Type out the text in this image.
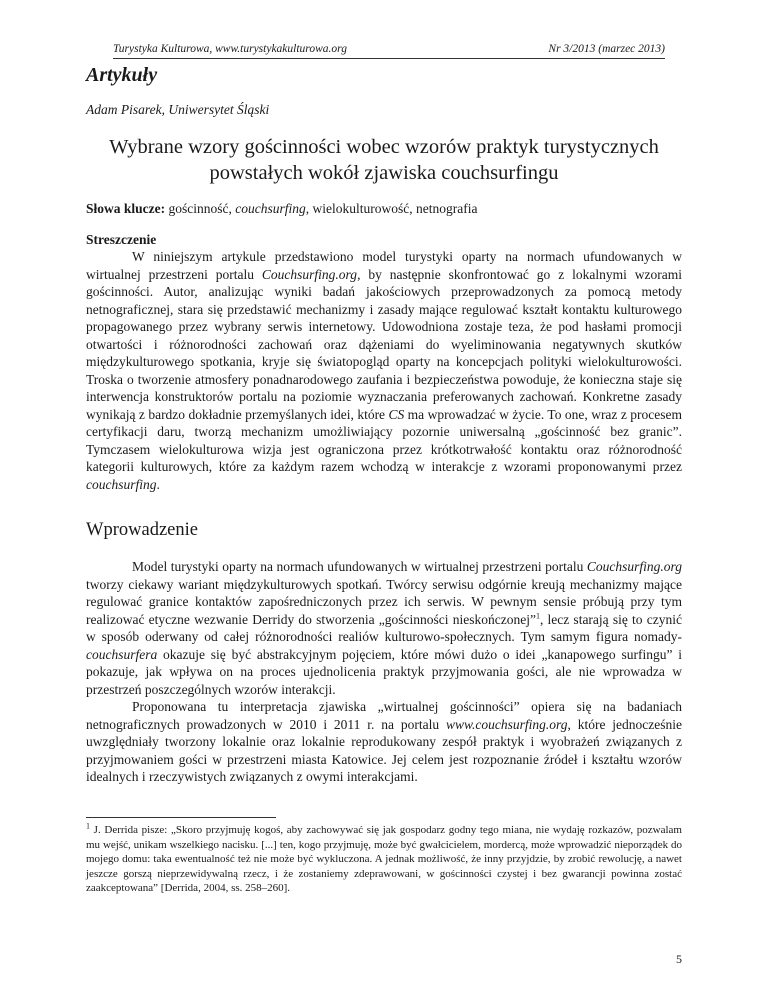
Turystyka Kulturowa, www.turystykakulturowa.org	Nr 3/2013 (marzec 2013)
Artykuły
Adam Pisarek, Uniwersytet Śląski
Wybrane wzory gościnności wobec wzorów praktyk turystycznych powstałych wokół zjawiska couchsurfingu
Słowa klucze: gościnność, couchsurfing, wielokulturowość, netnografia
Streszczenie

W niniejszym artykule przedstawiono model turystyki oparty na normach ufundowanych w wirtualnej przestrzeni portalu Couchsurfing.org, by następnie skonfrontować go z lokalnymi wzorami gościnności. Autor, analizując wyniki badań jakościowych przeprowadzonych za pomocą metody netnograficznej, stara się przedstawić mechanizmy i zasady mające regulować kształt kontaktu kulturowego propagowanego przez wybrany serwis internetowy. Udowodniona zostaje teza, że pod hasłami promocji otwartości i różnorodności zachowań oraz dążeniami do wyeliminowania negatywnych skutków międzykulturowego spotkania, kryje się światopogląd oparty na koncepcjach polityki wielokulturowości. Troska o tworzenie atmosfery ponadnarodowego zaufania i bezpieczeństwa powoduje, że konieczna staje się interwencja konstruktorów portalu na poziomie wyznaczania preferowanych zachowań. Konkretne zasady wynikają z bardzo dokładnie przemyślanych idei, które CS ma wprowadzać w życie. To one, wraz z procesem certyfikacji daru, tworzą mechanizm umożliwiający pozornie uniwersalną „gościnność bez granic”. Tymczasem wielokulturowa wizja jest ograniczona przez krótkotrwałość kontaktu oraz różnorodność kategorii kulturowych, które za każdym razem wchodzą w interakcje z wzorami proponowanymi przez couchsurfing.

Wprowadzenie

Model turystyki oparty na normach ufundowanych w wirtualnej przestrzeni portalu Couchsurfing.org tworzy ciekawy wariant międzykulturowych spotkań. Twórcy serwisu odgórnie kreują mechanizmy mające regulować granice kontaktów zapośredniczonych przez ich serwis. W pewnym sensie próbują przy tym realizować etyczne wezwanie Derridy do stworzenia „gościnności nieskończonej”$^1$, lecz starają się to czynić w sposób oderwany od całej różnorodności realiów kulturowo-społecznych. Tym samym figura nomady-couchsurfera okazuje się być abstrakcyjnym pojęciem, które mówi dużo o idei „kanapowego surfingu” i pokazuje, jak wpływa on na proces ujednolicenia praktyk przyjmowania gości, ale nie wprowadza w przestrzeń poszczególnych wzorów interakcji.

Proponowana tu interpretacja zjawiska „wirtualnej gościnności” opiera się na badaniach netnograficznych prowadzonych w 2010 i 2011 r. na portalu www.couchsurfing.org, które jednocześnie uwzględniały tworzony lokalnie oraz lokalnie reprodukowany zespół praktyk i wyobrażeń związanych z przyjmowaniem gości w przestrzeni miasta Katowice. Jej celem jest rozpoznanie źródeł i kształtu wzorów idealnych i rzeczywistych związanych z owymi interakcjami.

$^1$ J. Derrida pisze: „Skoro przyjmuję kogoś, aby zachowywać się jak gospodarz godny tego miana, nie wydaję rozkazów, pozwalam mu wejść, unikam wszelkiego nacisku. [...] ten, kogo przyjmuję, może być gwałcicielem, mordercą, może wprowadzić nieporządek do mojego domu: taka ewentualność też nie może być wykluczona. A jednak możliwość, że inny przyjdzie, by zrobić rewolucję, a nawet jeszcze gorszą nieprzewidywalną rzecz, i że zostaniemy zdeprawowani, w gościnności czystej i bez gwarancji powinna zostać zaakceptowana” [Derrida, 2004, ss. 258–260].

5
